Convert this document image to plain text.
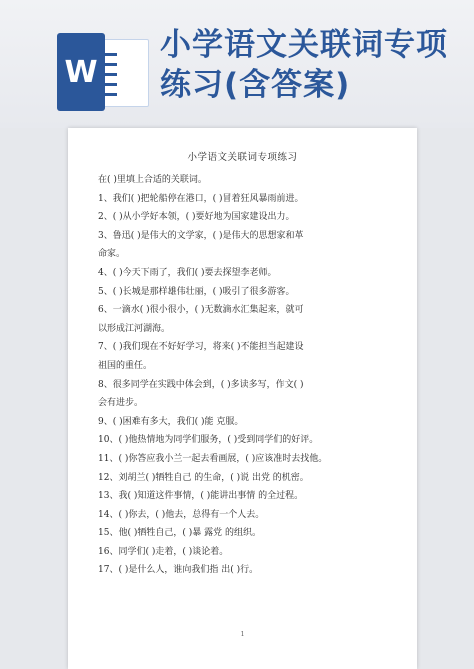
W
小学语文关联词专项练习(含答案)
小学语文关联词专项练习

在( )里填上合适的关联词。

1、我们( )把轮船停在港口，( )冒着狂风暴雨前进。

2、( )从小学好本领，( )要好地为国家建设出力。

3、鲁迅( )是伟大的文学家，( )是伟大的思想家和革

命家。

4、( )今天下雨了，我们( )要去探望李老师。

5、( )长城是那样雄伟壮丽，( )吸引了很多游客。

6、一滴水( )很小很小，( )无数滴水汇集起来，就可

以形成江河湖海。

7、( )我们现在不好好学习，将来( )不能担当起建设

祖国的重任。

8、很多同学在实践中体会到，( )多读多写，作文( )

会有进步。

9、( )困难有多大，我们( )能 克服。

10、( )他热情地为同学们服务，( )受到同学们的好评。

11、( )你答应我小兰一起去看画展，( )应该准时去找他。

12、刘胡兰( )牺牲自己 的生命，( )说 出党 的机密。

13、我( )知道这件事情，( )能讲出事情 的全过程。

14、( )你去，( )他去，总得有一个人去。

15、他( )牺牲自己，( )暴 露党 的组织。

16、同学们( )走着，( )谈论着。

17、( )是什么人，谁向我们指 出( )行。

1
